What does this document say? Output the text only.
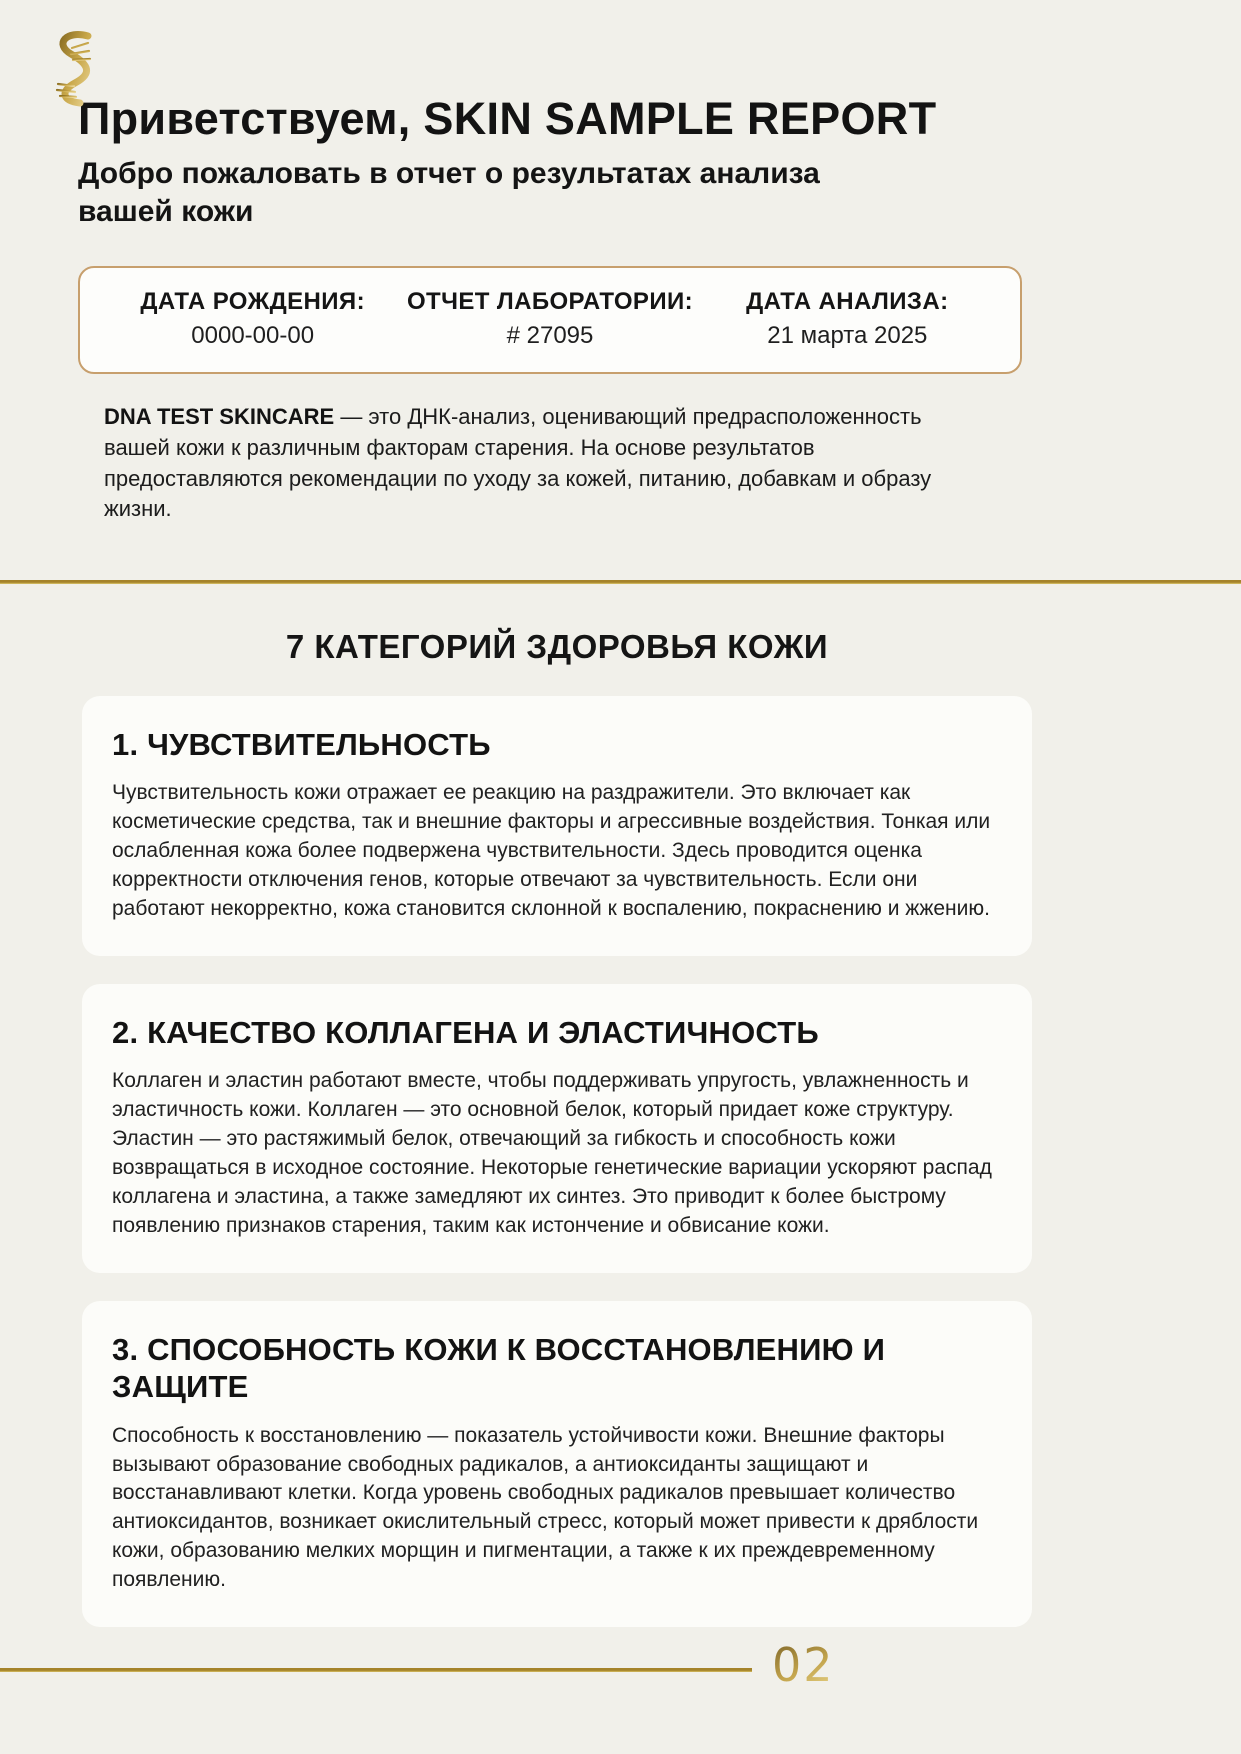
Приветствуем, SKIN SAMPLE REPORT
Добро пожаловать в отчет о результатах анализа
вашей кожи
ДАТА РОЖДЕНИЯ:
0000-00-00
ОТЧЕТ ЛАБОРАТОРИИ:
# 27095
ДАТА АНАЛИЗА:
21 марта 2025

DNA TEST SKINCARE — это ДНК-анализ, оценивающий предрасположенность вашей кожи к различным факторам старения. На основе результатов предоставляются рекомендации по уходу за кожей, питанию, добавкам и образу жизни.

7 КАТЕГОРИЙ ЗДОРОВЬЯ КОЖИ
1. ЧУВСТВИТЕЛЬНОСТЬ

Чувствительность кожи отражает ее реакцию на раздражители. Это включает как косметические средства, так и внешние факторы и агрессивные воздействия. Тонкая или ослабленная кожа более подвержена чувствительности. Здесь проводится оценка корректности отключения генов, которые отвечают за чувствительность. Если они работают некорректно, кожа становится склонной к воспалению, покраснению и жжению.

2. КАЧЕСТВО КОЛЛАГЕНА И ЭЛАСТИЧНОСТЬ

Коллаген и эластин работают вместе, чтобы поддерживать упругость, увлажненность и эластичность кожи. Коллаген — это основной белок, который придает коже структуру. Эластин — это растяжимый белок, отвечающий за гибкость и способность кожи возвращаться в исходное состояние. Некоторые генетические вариации ускоряют распад коллагена и эластина, а также замедляют их синтез. Это приводит к более быстрому появлению признаков старения, таким как истончение и обвисание кожи.

3. СПОСОБНОСТЬ КОЖИ К ВОССТАНОВЛЕНИЮ И ЗАЩИТЕ

Способность к восстановлению — показатель устойчивости кожи. Внешние факторы вызывают образование свободных радикалов, а антиоксиданты защищают и восстанавливают клетки. Когда уровень свободных радикалов превышает количество антиоксидантов, возникает окислительный стресс, который может привести к дряблости кожи, образованию мелких морщин и пигментации, а также к их преждевременному появлению.

02
